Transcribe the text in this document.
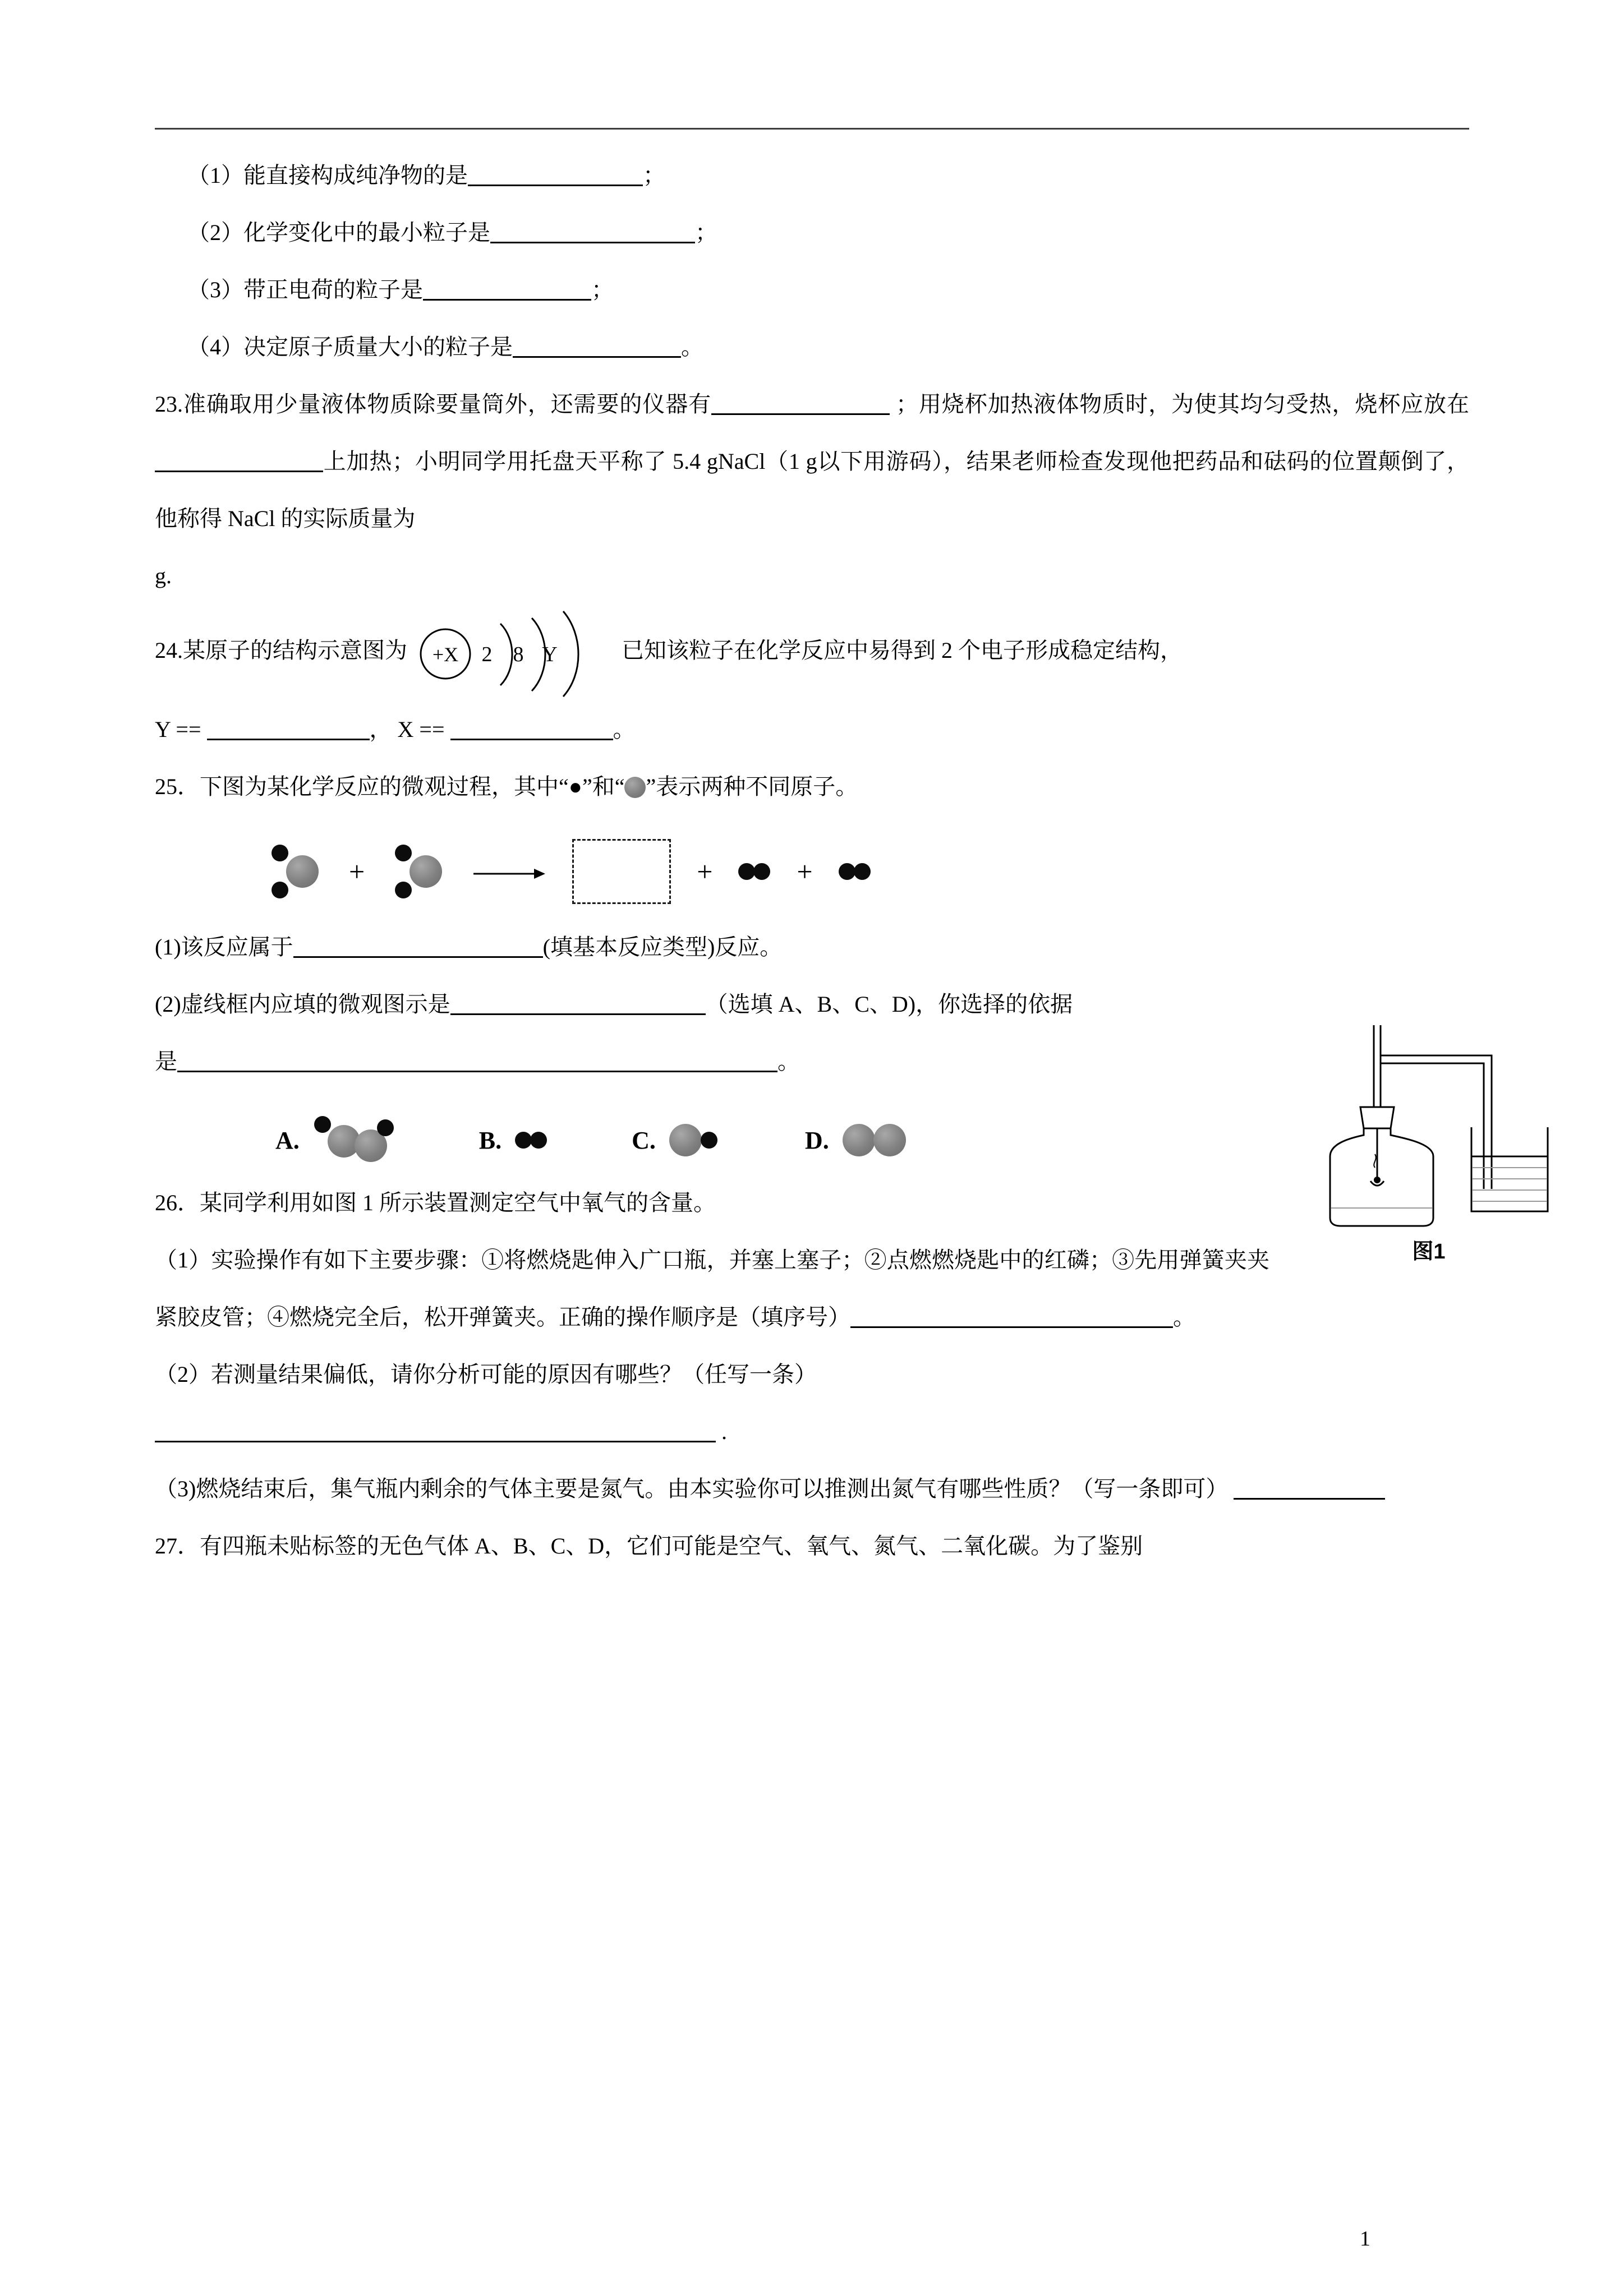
（1）能直接构成纯净物的是	；

（2）化学变化中的最小粒子是	；

（3）带正电荷的粒子是	；

（4）决定原子质量大小的粒子是	。

23.准确取用少量液体物质除要量筒外，还需要的仪器有	；用烧杯加热液体物质时，为使其均匀受热，烧杯应放在上加热；小明同学用托盘天平称了 5.4 gNaCl（1 g以下用游码），结果老师检查发现他把药品和砝码的位置颠倒了，他称得 NaCl 的实际质量为

g.

24.某原子的结构示意图为 +X 2 8 Y	已知该粒子在化学反应中易得到 2 个电子形成稳定结构，

Y ==	， X ==	。

25．下图为某化学反应的微观过程，其中“●”和“ ”表示两种不同原子。

+	+	+

(1)该反应属于	(填基本反应类型)反应。

图1

(2)虚线框内应填的微观图示是	（选填 A、B、C、D)，你选择的依据

是	。

A.	B.	C.	D.

26．某同学利用如图 1 所示装置测定空气中氧气的含量。

（1）实验操作有如下主要步骤：①将燃烧匙伸入广口瓶，并塞上塞子；②点燃燃烧匙中的红磷；③先用弹簧夹夹紧胶皮管；④燃烧完全后，松开弹簧夹。正确的操作顺序是（填序号）	。

（2）若测量结果偏低，请你分析可能的原因有哪些？（任写一条）

.

（3)燃烧结束后，集气瓶内剩余的气体主要是氮气。由本实验你可以推测出氮气有哪些性质？（写一条即可）

27．有四瓶未贴标签的无色气体 A、B、C、D，它们可能是空气、氧气、氮气、二氧化碳。为了鉴别

1
